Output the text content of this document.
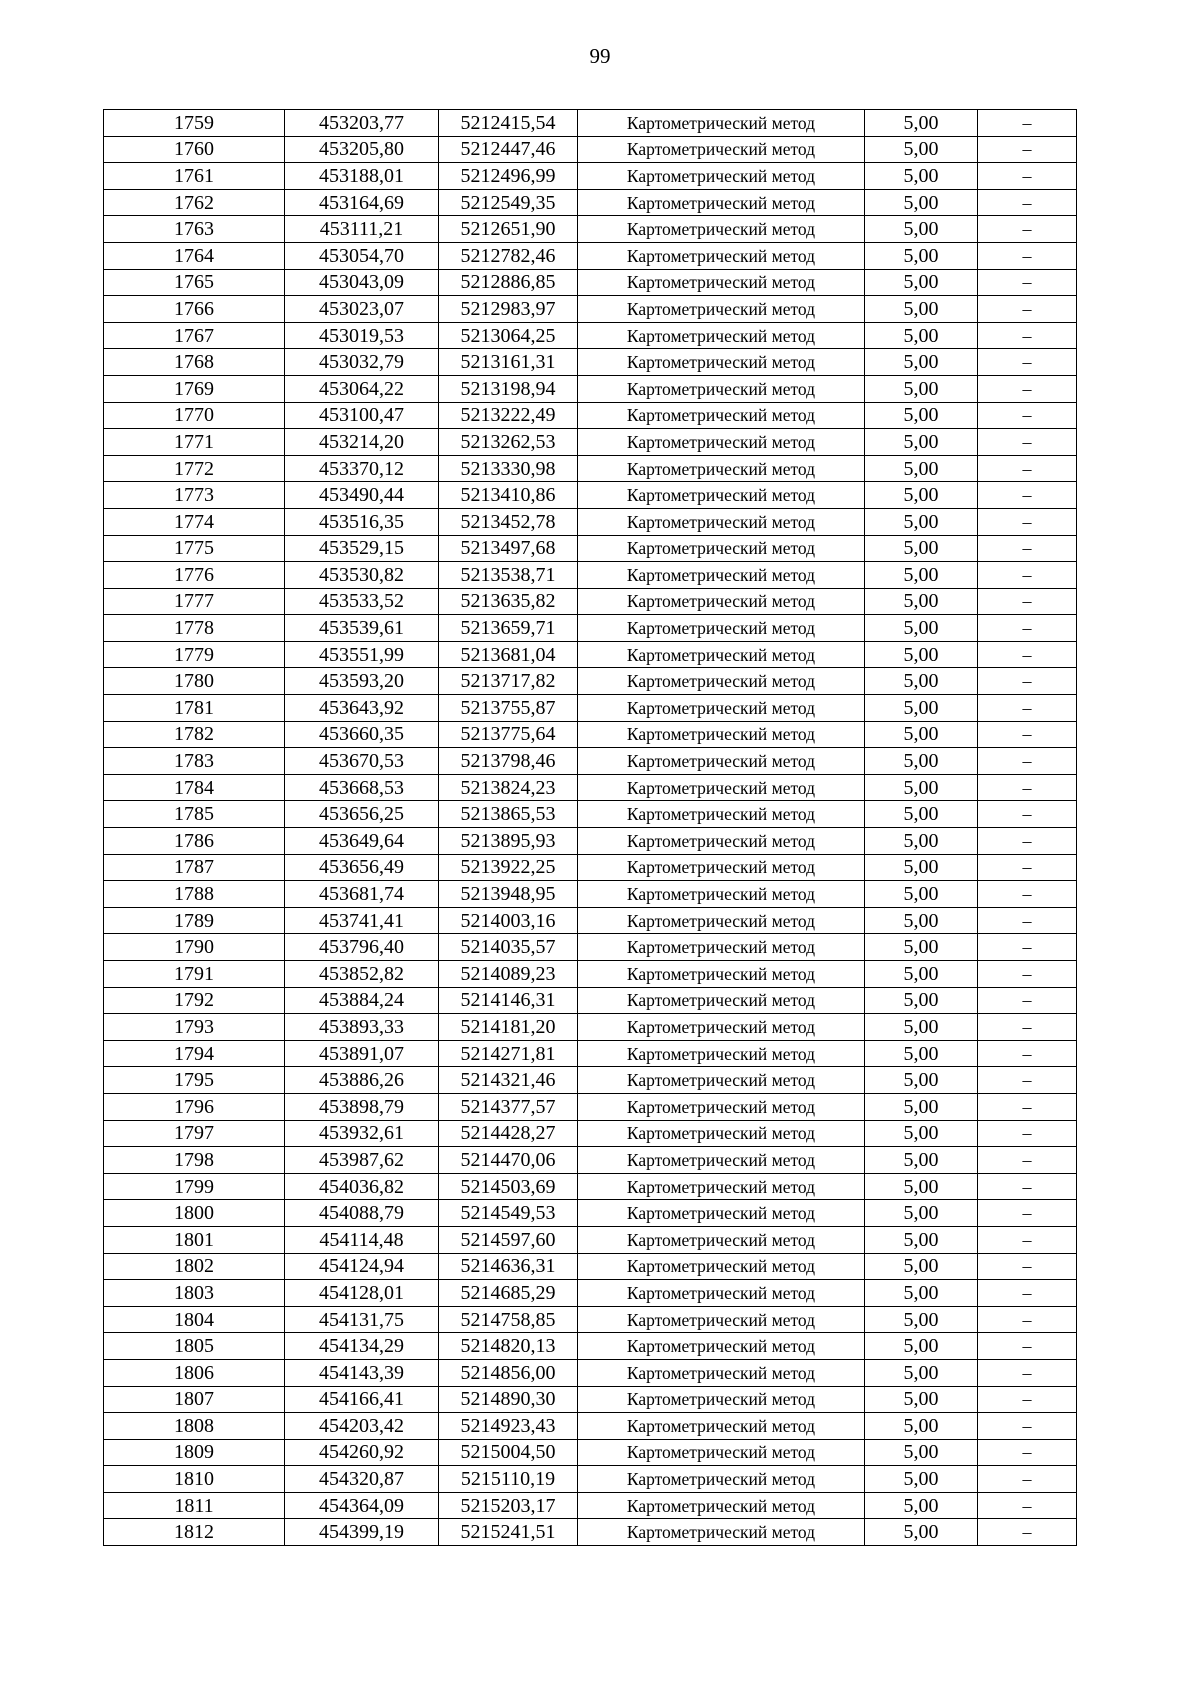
99
1759	453203,77	5212415,54	Картометрический метод	5,00	–
1760	453205,80	5212447,46	Картометрический метод	5,00	–
1761	453188,01	5212496,99	Картометрический метод	5,00	–
1762	453164,69	5212549,35	Картометрический метод	5,00	–
1763	453111,21	5212651,90	Картометрический метод	5,00	–
1764	453054,70	5212782,46	Картометрический метод	5,00	–
1765	453043,09	5212886,85	Картометрический метод	5,00	–
1766	453023,07	5212983,97	Картометрический метод	5,00	–
1767	453019,53	5213064,25	Картометрический метод	5,00	–
1768	453032,79	5213161,31	Картометрический метод	5,00	–
1769	453064,22	5213198,94	Картометрический метод	5,00	–
1770	453100,47	5213222,49	Картометрический метод	5,00	–
1771	453214,20	5213262,53	Картометрический метод	5,00	–
1772	453370,12	5213330,98	Картометрический метод	5,00	–
1773	453490,44	5213410,86	Картометрический метод	5,00	–
1774	453516,35	5213452,78	Картометрический метод	5,00	–
1775	453529,15	5213497,68	Картометрический метод	5,00	–
1776	453530,82	5213538,71	Картометрический метод	5,00	–
1777	453533,52	5213635,82	Картометрический метод	5,00	–
1778	453539,61	5213659,71	Картометрический метод	5,00	–
1779	453551,99	5213681,04	Картометрический метод	5,00	–
1780	453593,20	5213717,82	Картометрический метод	5,00	–
1781	453643,92	5213755,87	Картометрический метод	5,00	–
1782	453660,35	5213775,64	Картометрический метод	5,00	–
1783	453670,53	5213798,46	Картометрический метод	5,00	–
1784	453668,53	5213824,23	Картометрический метод	5,00	–
1785	453656,25	5213865,53	Картометрический метод	5,00	–
1786	453649,64	5213895,93	Картометрический метод	5,00	–
1787	453656,49	5213922,25	Картометрический метод	5,00	–
1788	453681,74	5213948,95	Картометрический метод	5,00	–
1789	453741,41	5214003,16	Картометрический метод	5,00	–
1790	453796,40	5214035,57	Картометрический метод	5,00	–
1791	453852,82	5214089,23	Картометрический метод	5,00	–
1792	453884,24	5214146,31	Картометрический метод	5,00	–
1793	453893,33	5214181,20	Картометрический метод	5,00	–
1794	453891,07	5214271,81	Картометрический метод	5,00	–
1795	453886,26	5214321,46	Картометрический метод	5,00	–
1796	453898,79	5214377,57	Картометрический метод	5,00	–
1797	453932,61	5214428,27	Картометрический метод	5,00	–
1798	453987,62	5214470,06	Картометрический метод	5,00	–
1799	454036,82	5214503,69	Картометрический метод	5,00	–
1800	454088,79	5214549,53	Картометрический метод	5,00	–
1801	454114,48	5214597,60	Картометрический метод	5,00	–
1802	454124,94	5214636,31	Картометрический метод	5,00	–
1803	454128,01	5214685,29	Картометрический метод	5,00	–
1804	454131,75	5214758,85	Картометрический метод	5,00	–
1805	454134,29	5214820,13	Картометрический метод	5,00	–
1806	454143,39	5214856,00	Картометрический метод	5,00	–
1807	454166,41	5214890,30	Картометрический метод	5,00	–
1808	454203,42	5214923,43	Картометрический метод	5,00	–
1809	454260,92	5215004,50	Картометрический метод	5,00	–
1810	454320,87	5215110,19	Картометрический метод	5,00	–
1811	454364,09	5215203,17	Картометрический метод	5,00	–
1812	454399,19	5215241,51	Картометрический метод	5,00	–
